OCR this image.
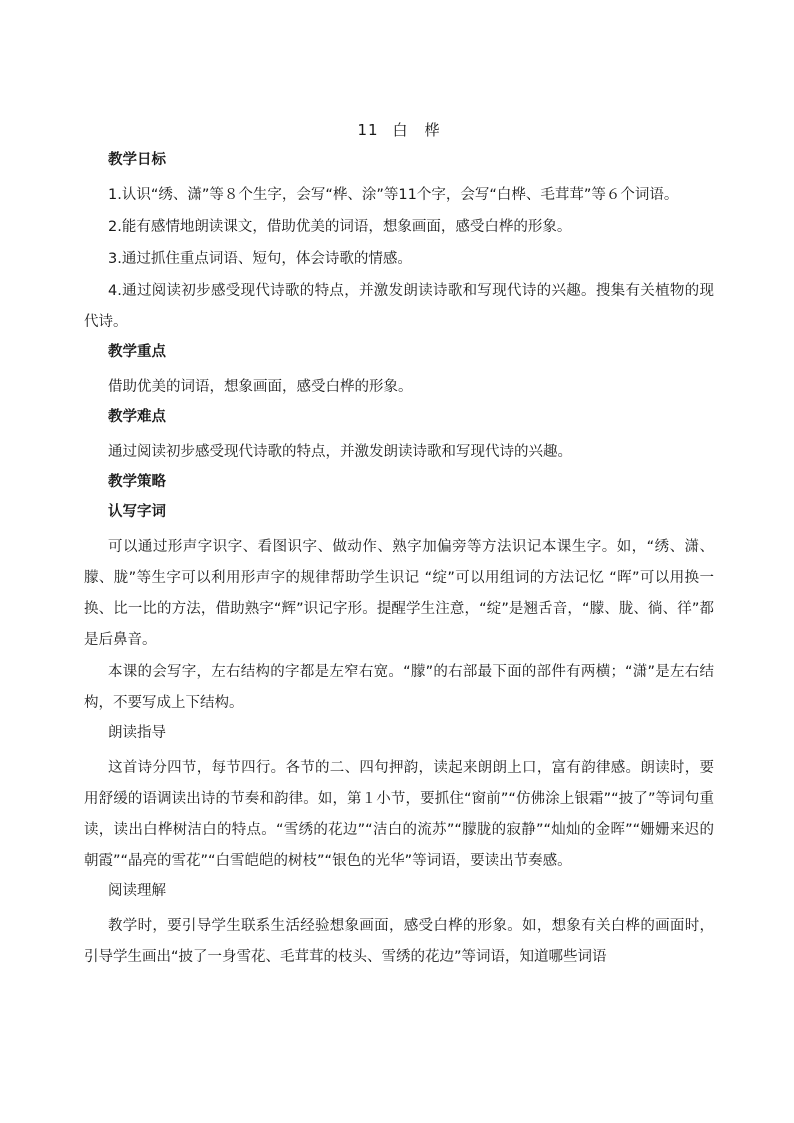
11 白　桦
教学日标

1.认识“绣、潇”等８个生字，会写“桦、涂”等11个字，会写“白桦、毛茸茸”等６个词语。

2.能有感情地朗读课文，借助优美的词语，想象画面，感受白桦的形象。

3.通过抓住重点词语、短句，体会诗歌的情感。

4.通过阅读初步感受现代诗歌的特点，并激发朗读诗歌和写现代诗的兴趣。搜集有关植物的现代诗。

教学重点

借助优美的词语，想象画面，感受白桦的形象。

教学难点

通过阅读初步感受现代诗歌的特点，并激发朗读诗歌和写现代诗的兴趣。

教学策略
认写字词

可以通过形声字识字、看图识字、做动作、熟字加偏旁等方法识记本课生字。如，“绣、潇、朦、胧”等生字可以利用形声字的规律帮助学生识记 “绽”可以用组词的方法记忆 “晖”可以用换一换、比一比的方法，借助熟字“辉”识记字形。提醒学生注意，“绽”是翘舌音，“朦、胧、徜、徉”都是后鼻音。

本课的会写字，左右结构的字都是左窄右宽。“朦”的右部最下面的部件有两横；“潇”是左右结构，不要写成上下结构。

朗读指导

这首诗分四节，每节四行。各节的二、四句押韵，读起来朗朗上口，富有韵律感。朗读时，要用舒缓的语调读出诗的节奏和韵律。如，第１小节，要抓住“窗前”“仿佛涂上银霜”“披了”等词句重读，读出白桦树洁白的特点。“雪绣的花边”“洁白的流苏”“朦胧的寂静”“灿灿的金晖”“姗姗来迟的朝霞”“晶亮的雪花”“白雪皑皑的树枝”“银色的光华”等词语，要读出节奏感。

阅读理解

教学时，要引导学生联系生活经验想象画面，感受白桦的形象。如，想象有关白桦的画面时，引导学生画出“披了一身雪花、毛茸茸的枝头、雪绣的花边”等词语，知道哪些词语
